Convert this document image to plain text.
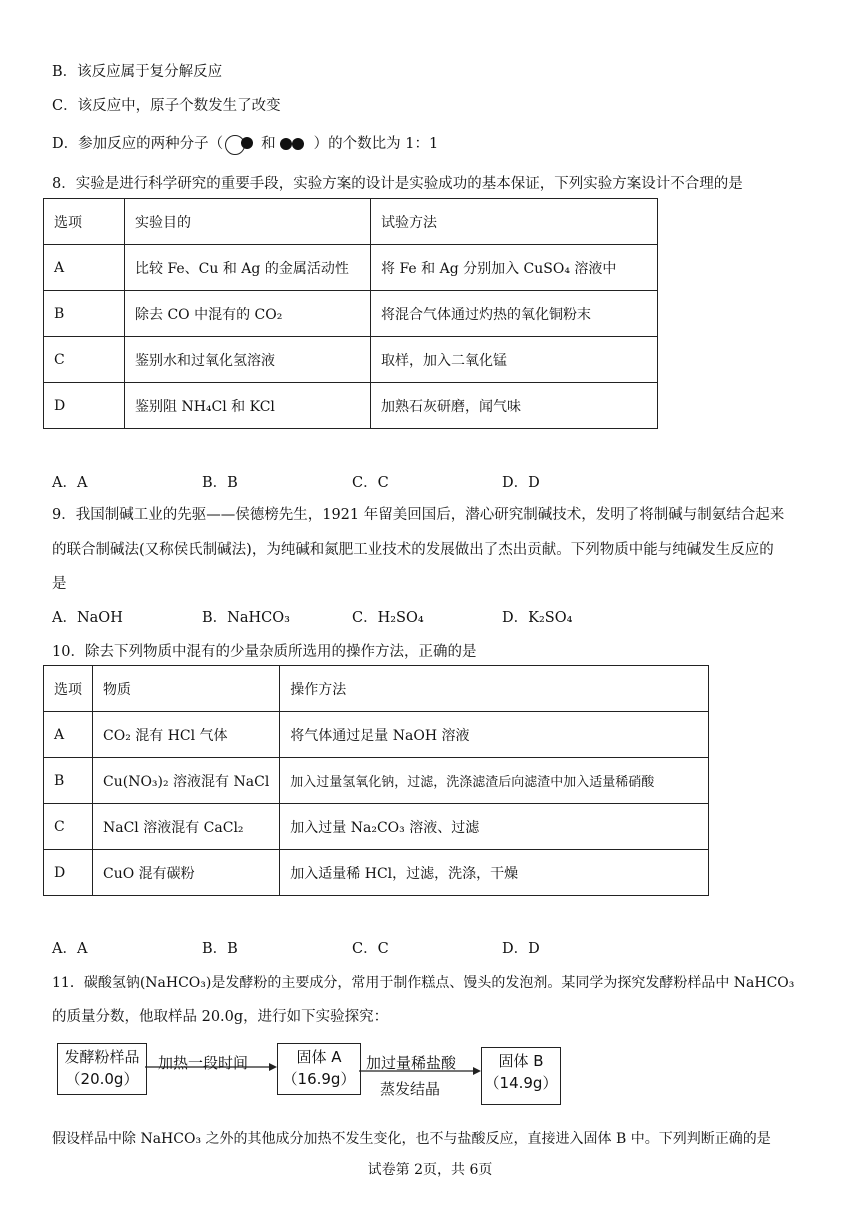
B．该反应属于复分解反应
C．该反应中，原子个数发生了改变
D．参加反应的两种分子（	和	）的个数比为 1：1
8．实验是进行科学研究的重要手段，实验方案的设计是实验成功的基本保证，下列实验方案设计不合理的是
选项	实验目的	试验方法
A	比较 Fe、Cu 和 Ag 的金属活动性	将 Fe 和 Ag 分别加入 CuSO₄ 溶液中
B	除去 CO 中混有的 CO₂	将混合气体通过灼热的氧化铜粉末
C	鉴别水和过氧化氢溶液	取样，加入二氧化锰
D	鉴别阻 NH₄Cl 和 KCl	加熟石灰研磨，闻气味
A．A	B．B	C．C	D．D
9．我国制碱工业的先驱——侯德榜先生，1921 年留美回国后，潜心研究制碱技术，发明了将制碱与制氨结合起来
的联合制碱法(又称侯氏制碱法)，为纯碱和氮肥工业技术的发展做出了杰出贡献。下列物质中能与纯碱发生反应的
是
A．NaOH	B．NaHCO₃	C．H₂SO₄	D．K₂SO₄
10．除去下列物质中混有的少量杂质所选用的操作方法，正确的是
选项	物质	操作方法
A	CO₂ 混有 HCl 气体	将气体通过足量 NaOH 溶液
B	Cu(NO₃)₂ 溶液混有 NaCl	加入过量氢氧化钠，过滤，洗涤滤渣后向滤渣中加入适量稀硝酸
C	NaCl 溶液混有 CaCl₂	加入过量 Na₂CO₃ 溶液、过滤
D	CuO 混有碳粉	加入适量稀 HCl，过滤，洗涤，干燥
A．A	B．B	C．C	D．D
11．碳酸氢钠(NaHCO₃)是发酵粉的主要成分，常用于制作糕点、馒头的发泡剂。某同学为探究发酵粉样品中 NaHCO₃
的质量分数，他取样品 20.0g，进行如下实验探究：
发酵粉样品
（20.0g）
加热一段时间	固体 A
（16.9g）
加过量稀盐酸
蒸发结晶
固体 B
（14.9g）
假设样品中除 NaHCO₃ 之外的其他成分加热不发生变化，也不与盐酸反应，直接进入固体 B 中。下列判断正确的是
试卷第 2页，共 6页
